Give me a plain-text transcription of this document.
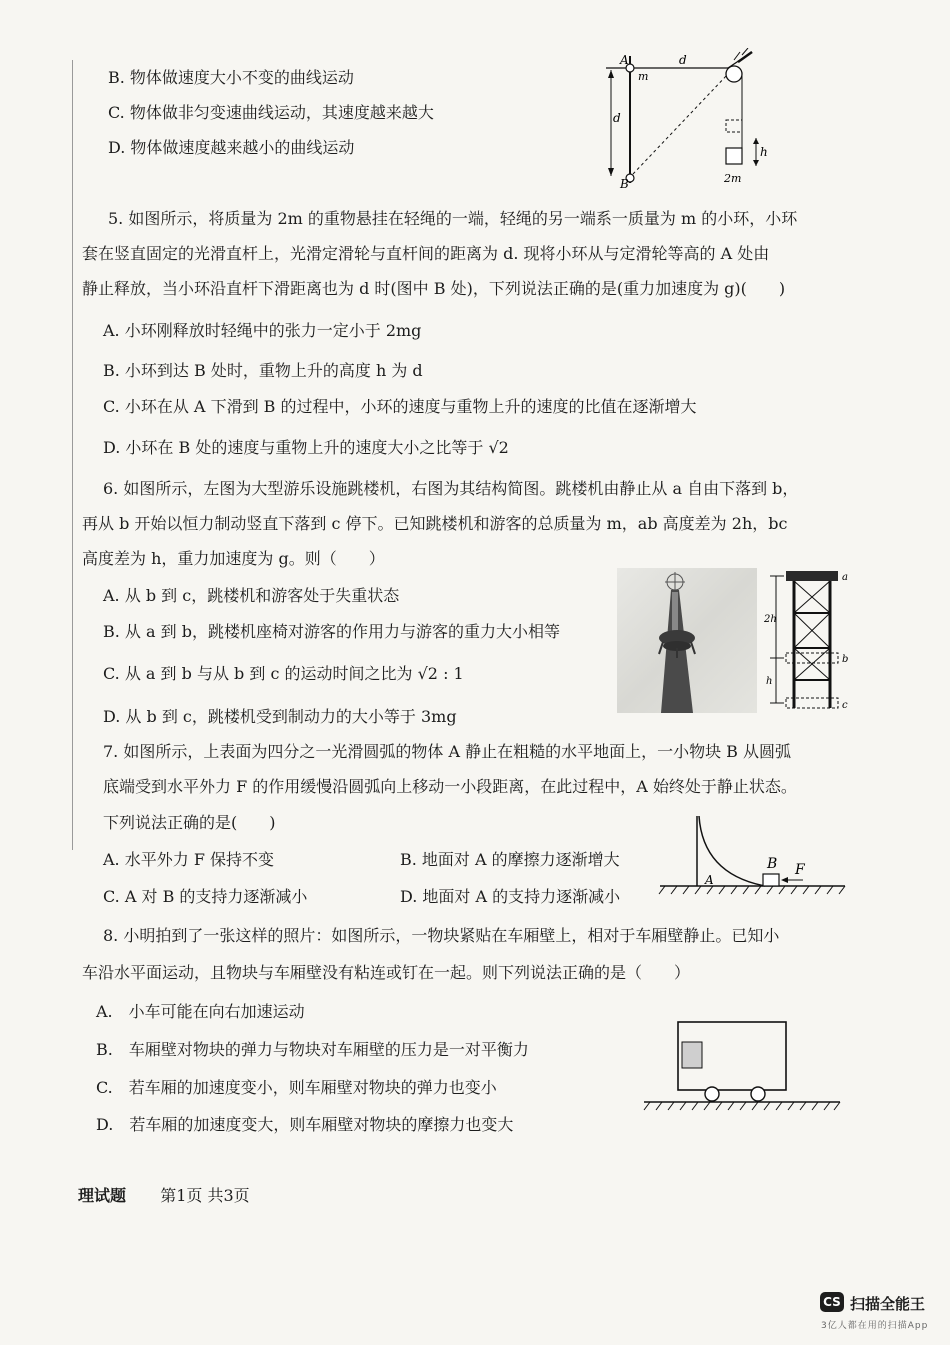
B. 物体做速度大小不变的曲线运动
C. 物体做非匀变速曲线运动，其速度越来越大
D. 物体做速度越来越小的曲线运动
A
m
d
d
B
h
2m
5. 如图所示，将质量为 2m 的重物悬挂在轻绳的一端，轻绳的另一端系一质量为 m 的小环，小环
套在竖直固定的光滑直杆上，光滑定滑轮与直杆间的距离为 d. 现将小环从与定滑轮等高的 A 处由
静止释放，当小环沿直杆下滑距离也为 d 时(图中 B 处)，下列说法正确的是(重力加速度为 g)(　　)
A. 小环刚释放时轻绳中的张力一定小于 2mg
B. 小环到达 B 处时，重物上升的高度 h 为 d
C. 小环在从 A 下滑到 B 的过程中，小环的速度与重物上升的速度的比值在逐渐增大
D. 小环在 B 处的速度与重物上升的速度大小之比等于 √2
6. 如图所示，左图为大型游乐设施跳楼机，右图为其结构简图。跳楼机由静止从 a 自由下落到 b，
再从 b 开始以恒力制动竖直下落到 c 停下。已知跳楼机和游客的总质量为 m，ab 高度差为 2h，bc
高度差为 h，重力加速度为 g。则（　　）
A. 从 b 到 c，跳楼机和游客处于失重状态
B. 从 a 到 b，跳楼机座椅对游客的作用力与游客的重力大小相等
C. 从 a 到 b 与从 b 到 c 的运动时间之比为 √2 : 1
D. 从 b 到 c，跳楼机受到制动力的大小等于 3mg
a
b
c
2h
h
7. 如图所示，上表面为四分之一光滑圆弧的物体 A 静止在粗糙的水平地面上，一小物块 B 从圆弧
底端受到水平外力 F 的作用缓慢沿圆弧向上移动一小段距离，在此过程中，A 始终处于静止状态。
下列说法正确的是(　　)
A. 水平外力 F 保持不变	B. 地面对 A 的摩擦力逐渐增大
C. A 对 B 的支持力逐渐减小	D. 地面对 A 的支持力逐渐减小
A
B F
8. 小明拍到了一张这样的照片：如图所示，一物块紧贴在车厢壁上，相对于车厢壁静止。已知小
车沿水平面运动，且物块与车厢壁没有粘连或钉在一起。则下列说法正确的是（　　）
A.　小车可能在向右加速运动
B.　车厢壁对物块的弹力与物块对车厢壁的压力是一对平衡力
C.　若车厢的加速度变小，则车厢壁对物块的弹力也变小
D.　若车厢的加速度变大，则车厢壁对物块的摩擦力也变大
理试题 第1页 共3页
CS 扫描全能王
3亿人都在用的扫描App
